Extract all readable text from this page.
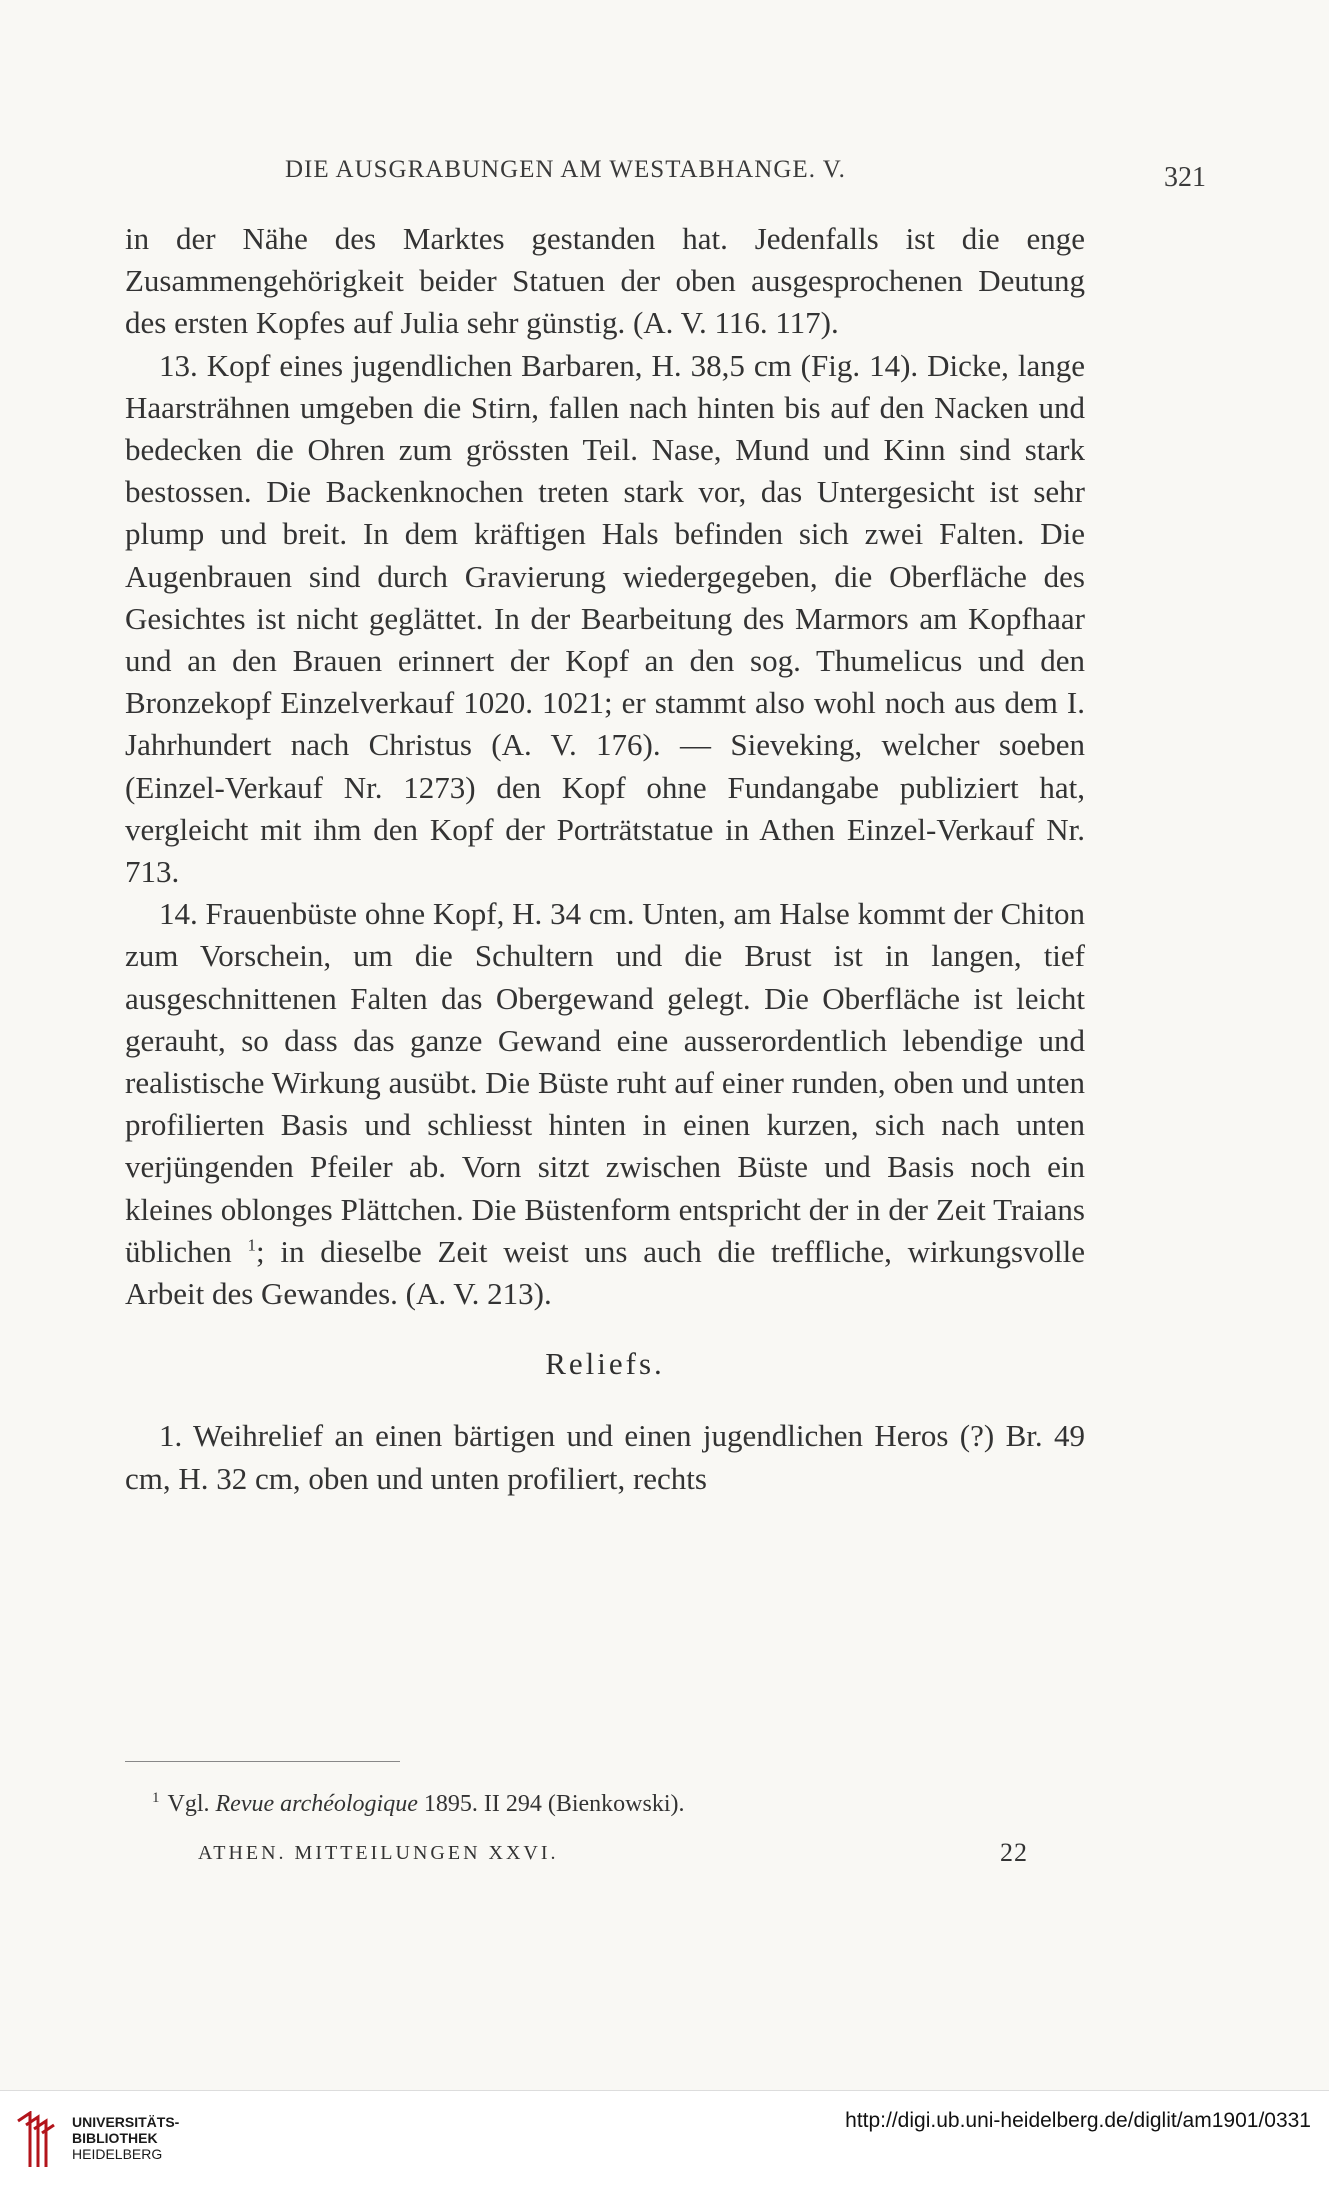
DIE AUSGRABUNGEN AM WESTABHANGE. V.	321

in der Nähe des Marktes gestanden hat. Jedenfalls ist die enge Zusammengehörigkeit beider Statuen der oben ausgesprochenen Deutung des ersten Kopfes auf Julia sehr günstig. (A. V. 116. 117).

13. Kopf eines jugendlichen Barbaren, H. 38,5 cm (Fig. 14). Dicke, lange Haarsträhnen umgeben die Stirn, fallen nach hinten bis auf den Nacken und bedecken die Ohren zum grössten Teil. Nase, Mund und Kinn sind stark bestossen. Die Backenknochen treten stark vor, das Untergesicht ist sehr plump und breit. In dem kräftigen Hals befinden sich zwei Falten. Die Augenbrauen sind durch Gravierung wiedergegeben, die Oberfläche des Gesichtes ist nicht geglättet. In der Bearbeitung des Marmors am Kopfhaar und an den Brauen erinnert der Kopf an den sog. Thumelicus und den Bronzekopf Einzelverkauf 1020. 1021; er stammt also wohl noch aus dem I. Jahrhundert nach Christus (A. V. 176). — Sieveking, welcher soeben (Einzel-Verkauf Nr. 1273) den Kopf ohne Fundangabe publiziert hat, vergleicht mit ihm den Kopf der Porträtstatue in Athen Einzel-Verkauf Nr. 713.

14. Frauenbüste ohne Kopf, H. 34 cm. Unten, am Halse kommt der Chiton zum Vorschein, um die Schultern und die Brust ist in langen, tief ausgeschnittenen Falten das Obergewand gelegt. Die Oberfläche ist leicht gerauht, so dass das ganze Gewand eine ausserordentlich lebendige und realistische Wirkung ausübt. Die Büste ruht auf einer runden, oben und unten profilierten Basis und schliesst hinten in einen kurzen, sich nach unten verjüngenden Pfeiler ab. Vorn sitzt zwischen Büste und Basis noch ein kleines oblonges Plättchen. Die Büstenform entspricht der in der Zeit Traians üblichen $^1$; in dieselbe Zeit weist uns auch die treffliche, wirkungsvolle Arbeit des Gewandes. (A. V. 213).

Reliefs.

1. Weihrelief an einen bärtigen und einen jugendlichen Heros (?) Br. 49 cm, H. 32 cm, oben und unten profiliert, rechts

$^1$ Vgl. Revue archéologique 1895. II 294 (Bienkowski).
ATHEN. MITTEILUNGEN XXVI.	22
UNIVERSITÄTS-
BIBLIOTHEK
HEIDELBERG
http://digi.ub.uni-heidelberg.de/diglit/am1901/0331
